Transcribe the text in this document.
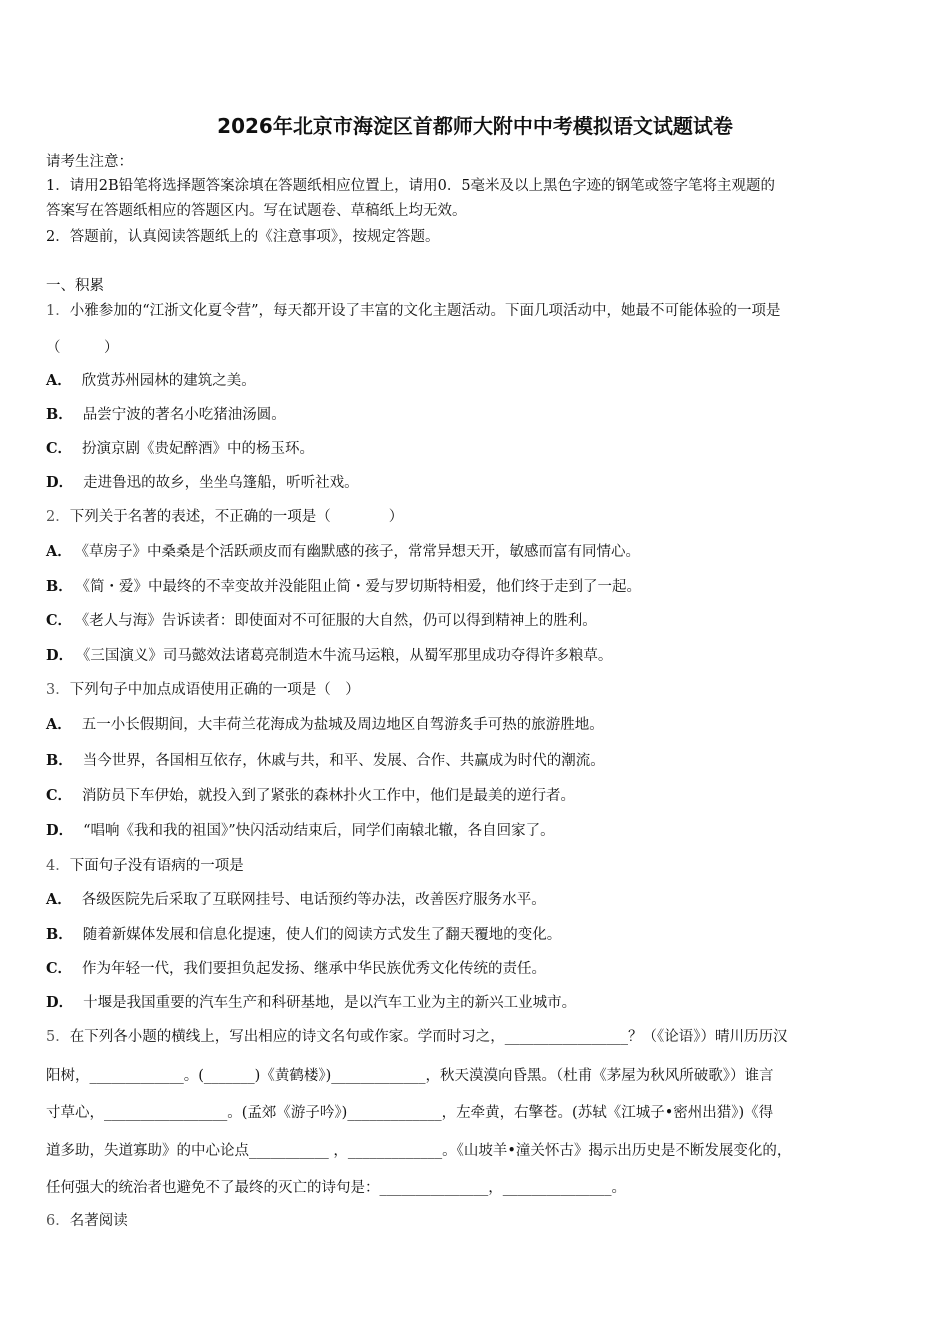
2026年北京市海淀区首都师大附中中考模拟语文试题试卷
请考生注意：
1．请用2B铅笔将选择题答案涂填在答题纸相应位置上，请用0．5毫米及以上黑色字迹的钢笔或签字笔将主观题的
答案写在答题纸相应的答题区内。写在试题卷、草稿纸上均无效。
2．答题前，认真阅读答题纸上的《注意事项》，按规定答题。
一、积累
1．小雅参加的“江浙文化夏令营”，每天都开设了丰富的文化主题活动。下面几项活动中，她最不可能体验的一项是
（　　　）
A． 欣赏苏州园林的建筑之美。
B． 品尝宁波的著名小吃猪油汤圆。
C． 扮演京剧《贵妃醉酒》中的杨玉环。
D． 走进鲁迅的故乡，坐坐乌篷船，听听社戏。
2．下列关于名著的表述，不正确的一项是（　　　　）
A． 《草房子》中桑桑是个活跃顽皮而有幽默感的孩子，常常异想天开，敏感而富有同情心。
B． 《简・爱》中最终的不幸变故并没能阻止简・爱与罗切斯特相爱，他们终于走到了一起。
C． 《老人与海》告诉读者：即使面对不可征服的大自然，仍可以得到精神上的胜利。
D． 《三国演义》司马懿效法诸葛亮制造木牛流马运粮，从蜀军那里成功夺得许多粮草。
3．下列句子中加点成语使用正确的一项是（　）
A． 五一小长假期间，大丰荷兰花海成为盐城及周边地区自驾游炙手可热的旅游胜地。
B． 当今世界，各国相互依存，休戚与共，和平、发展、合作、共赢成为时代的潮流。
C． 消防员下车伊始，就投入到了紧张的森林扑火工作中，他们是最美的逆行者。
D． “唱响《我和我的祖国》”快闪活动结束后，同学们南辕北辙，各自回家了。
4．下面句子没有语病的一项是
A． 各级医院先后采取了互联网挂号、电话预约等办法，改善医疗服务水平。
B． 随着新媒体发展和信息化提速，使人们的阅读方式发生了翻天覆地的变化。
C． 作为年轻一代，我们要担负起发扬、继承中华民族优秀文化传统的责任。
D． 十堰是我国重要的汽车生产和科研基地，是以汽车工业为主的新兴工业城市。
5．在下列各小题的横线上，写出相应的诗文名句或作家。学而时习之，_________________？（《论语》）晴川历历汉
阳树，_____________。(_______)《黄鹤楼》)_____________，秋天漠漠向昏黑。（杜甫《茅屋为秋风所破歌》）谁言
寸草心，_________________。(孟郊《游子吟》)_____________，左牵黄，右擎苍。(苏轼《江城子•密州出猎》)《得
道多助，失道寡助》的中心论点___________ ，_____________。《山坡羊•潼关怀古》揭示出历史是不断发展变化的，
任何强大的统治者也避免不了最终的灭亡的诗句是：_______________，_______________。
6．名著阅读
